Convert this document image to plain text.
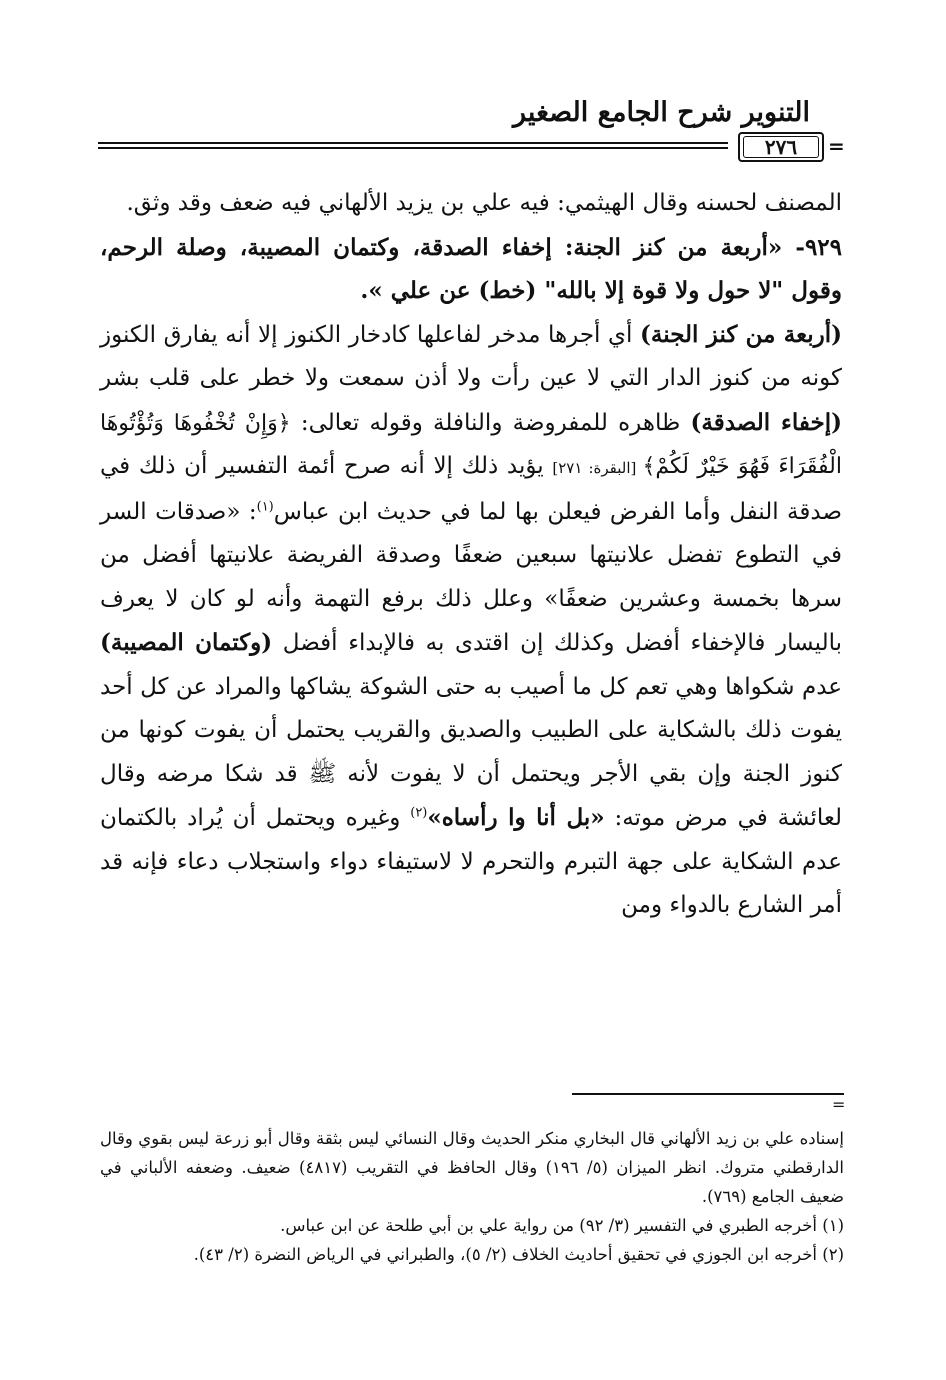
التنوير شرح الجامع الصغير
٢٧٦ =

المصنف لحسنه وقال الهيثمي: فيه علي بن يزيد الألهاني فيه ضعف وقد وثق.

٩٢٩- «أربعة من كنز الجنة: إخفاء الصدقة، وكتمان المصيبة، وصلة الرحم، وقول "لا حول ولا قوة إلا بالله" (خط) عن علي ».

(أربعة من كنز الجنة) أي أجرها مدخر لفاعلها كادخار الكنوز إلا أنه يفارق الكنوز كونه من كنوز الدار التي لا عين رأت ولا أذن سمعت ولا خطر على قلب بشر (إخفاء الصدقة) ظاهره للمفروضة والنافلة وقوله تعالى: ﴿وَإِنْ تُخْفُوهَا وَتُؤْتُوهَا الْفُقَرَاءَ فَهُوَ خَيْرٌ لَكُمْ﴾ [البقرة: ٢٧١] يؤيد ذلك إلا أنه صرح أئمة التفسير أن ذلك في صدقة النفل وأما الفرض فيعلن بها لما في حديث ابن عباس$^{(١)}$: «صدقات السر في التطوع تفضل علانيتها سبعين ضعفًا وصدقة الفريضة علانيتها أفضل من سرها بخمسة وعشرين ضعفًا» وعلل ذلك برفع التهمة وأنه لو كان لا يعرف باليسار فالإخفاء أفضل وكذلك إن اقتدى به فالإبداء أفضل (وكتمان المصيبة) عدم شكواها وهي تعم كل ما أصيب به حتى الشوكة يشاكها والمراد عن كل أحد يفوت ذلك بالشكاية على الطبيب والصديق والقريب يحتمل أن يفوت كونها من كنوز الجنة وإن بقي الأجر ويحتمل أن لا يفوت لأنه ﷺ قد شكا مرضه وقال لعائشة في مرض موته: «بل أنا وا رأساه»$^{(٢)}$ وغيره ويحتمل أن يُراد بالكتمان عدم الشكاية على جهة التبرم والتحرم لا لاستيفاء دواء واستجلاب دعاء فإنه قد أمر الشارع بالدواء ومن

=

إسناده علي بن زيد الألهاني قال البخاري منكر الحديث وقال النسائي ليس بثقة وقال أبو زرعة ليس بقوي وقال الدارقطني متروك. انظر الميزان (٥/ ١٩٦) وقال الحافظ في التقريب (٤٨١٧) ضعيف. وضعفه الألباني في ضعيف الجامع (٧٦٩).

(١) أخرجه الطبري في التفسير (٣/ ٩٢) من رواية علي بن أبي طلحة عن ابن عباس.

(٢) أخرجه ابن الجوزي في تحقيق أحاديث الخلاف (٢/ ٥)، والطبراني في الرياض النضرة (٢/ ٤٣).
